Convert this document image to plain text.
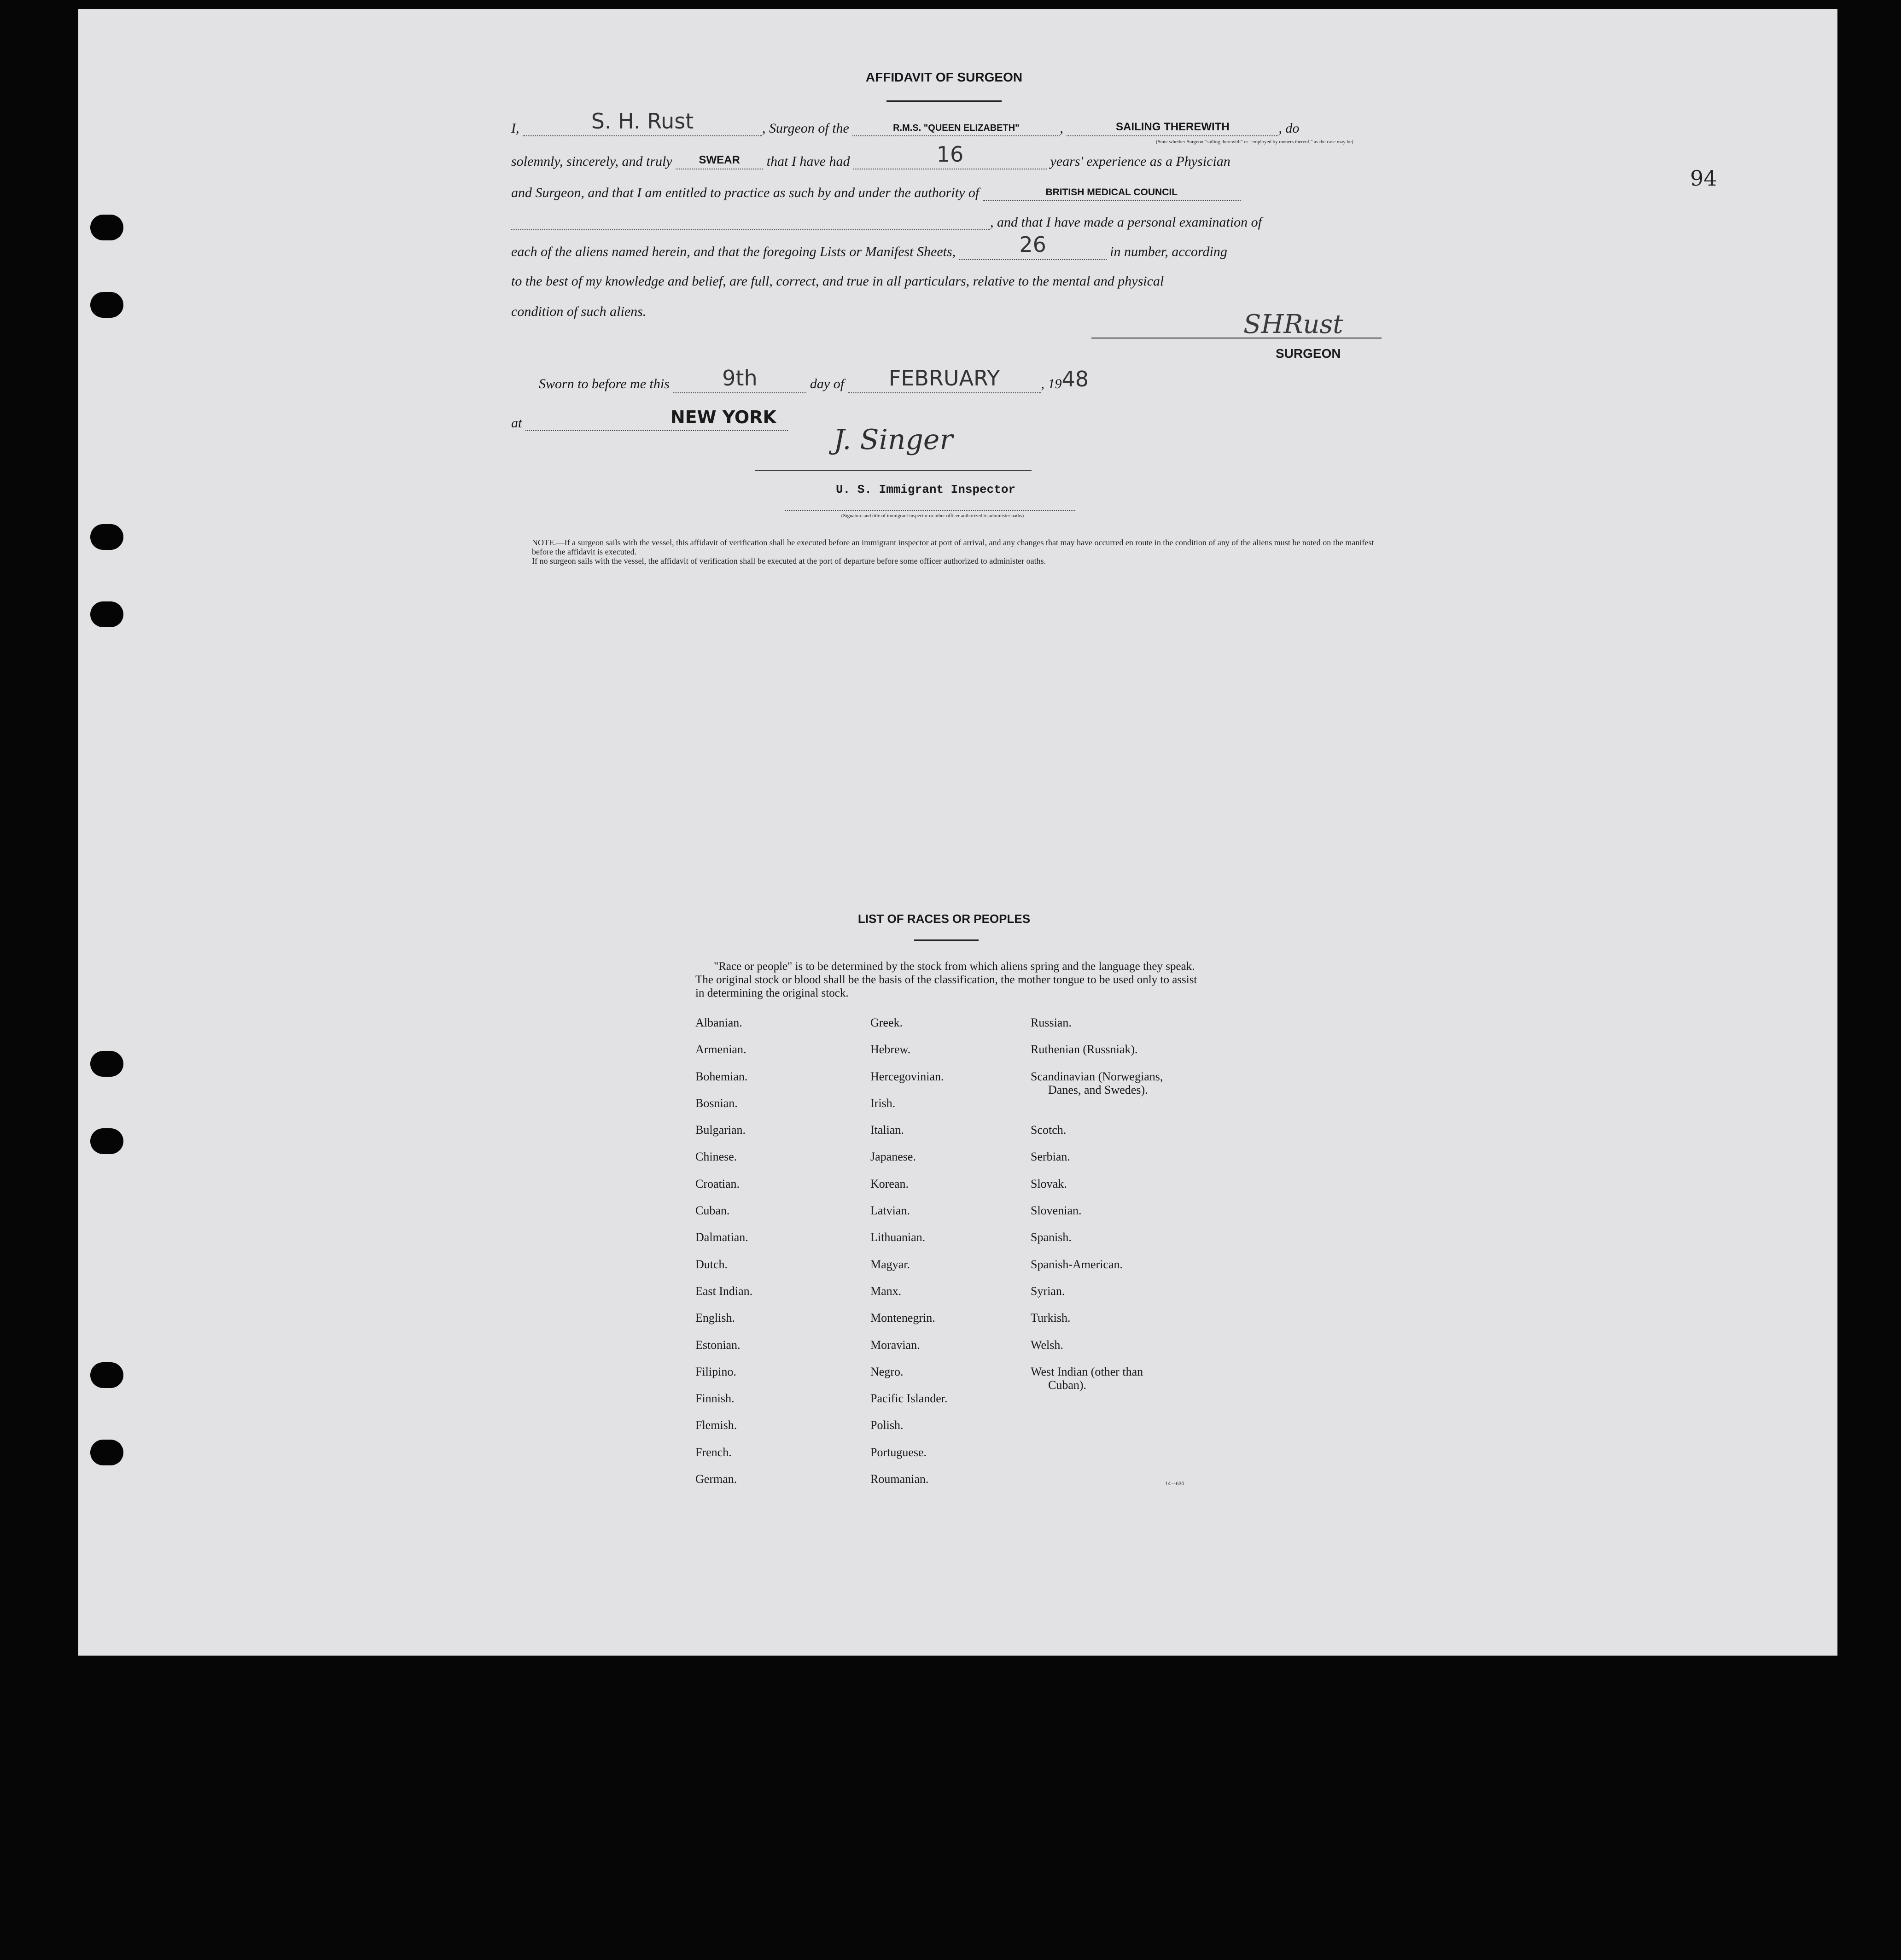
94
AFFIDAVIT OF SURGEON
I,	S. H. Rust	, Surgeon of the	R.M.S. "QUEEN ELIZABETH"	,	SAILING THEREWITH	, do
(State whether Surgeon "sailing therewith" or "employed by owners thereof," as the case may be)
solemnly, sincerely, and truly	SWEAR	that I have had	16	years' experience as a Physician
and Surgeon, and that I am entitled to practice as such by and under the authority of	BRITISH MEDICAL COUNCIL
, and that I have made a personal examination of
each of the aliens named herein, and that the foregoing Lists or Manifest Sheets,	26	in number, according
to the best of my knowledge and belief, are full, correct, and true in all particulars, relative to the mental and physical
condition of such aliens.	SHRust
SURGEON
Sworn to before me this	9th	day of	FEBRUARY	, 1948
at	NEW YORK
J. Singer
U. S. Immigrant Inspector
(Signature and title of immigrant inspector or other officer authorized to administer oaths)
NOTE.—If a surgeon sails with the vessel, this affidavit of verification shall be executed before an immigrant inspector at port of arrival, and any changes that may have occurred en route in the condition of any of the aliens must be noted on the manifest before the affidavit is executed.
If no surgeon sails with the vessel, the affidavit of verification shall be executed at the port of departure before some officer authorized to administer oaths.
LIST OF RACES OR PEOPLES
"Race or people" is to be determined by the stock from which aliens spring and the language they speak. The original stock or blood shall be the basis of the classification, the mother tongue to be used only to assist in determining the original stock.
Albanian.
Armenian.
Bohemian.
Bosnian.
Bulgarian.
Chinese.
Croatian.
Cuban.
Dalmatian.
Dutch.
East Indian.
English.
Estonian.
Filipino.
Finnish.
Flemish.
French.
German.
Greek.
Hebrew.
Hercegovinian.
Irish.
Italian.
Japanese.
Korean.
Latvian.
Lithuanian.
Magyar.
Manx.
Montenegrin.
Moravian.
Negro.
Pacific Islander.
Polish.
Portuguese.
Roumanian.
Russian.
Ruthenian (Russniak).
Scandinavian (Norwegians,
Danes, and Swedes).
Scotch.
Serbian.
Slovak.
Slovenian.
Spanish.
Spanish-American.
Syrian.
Turkish.
Welsh.
West Indian (other than
Cuban).
14—630
